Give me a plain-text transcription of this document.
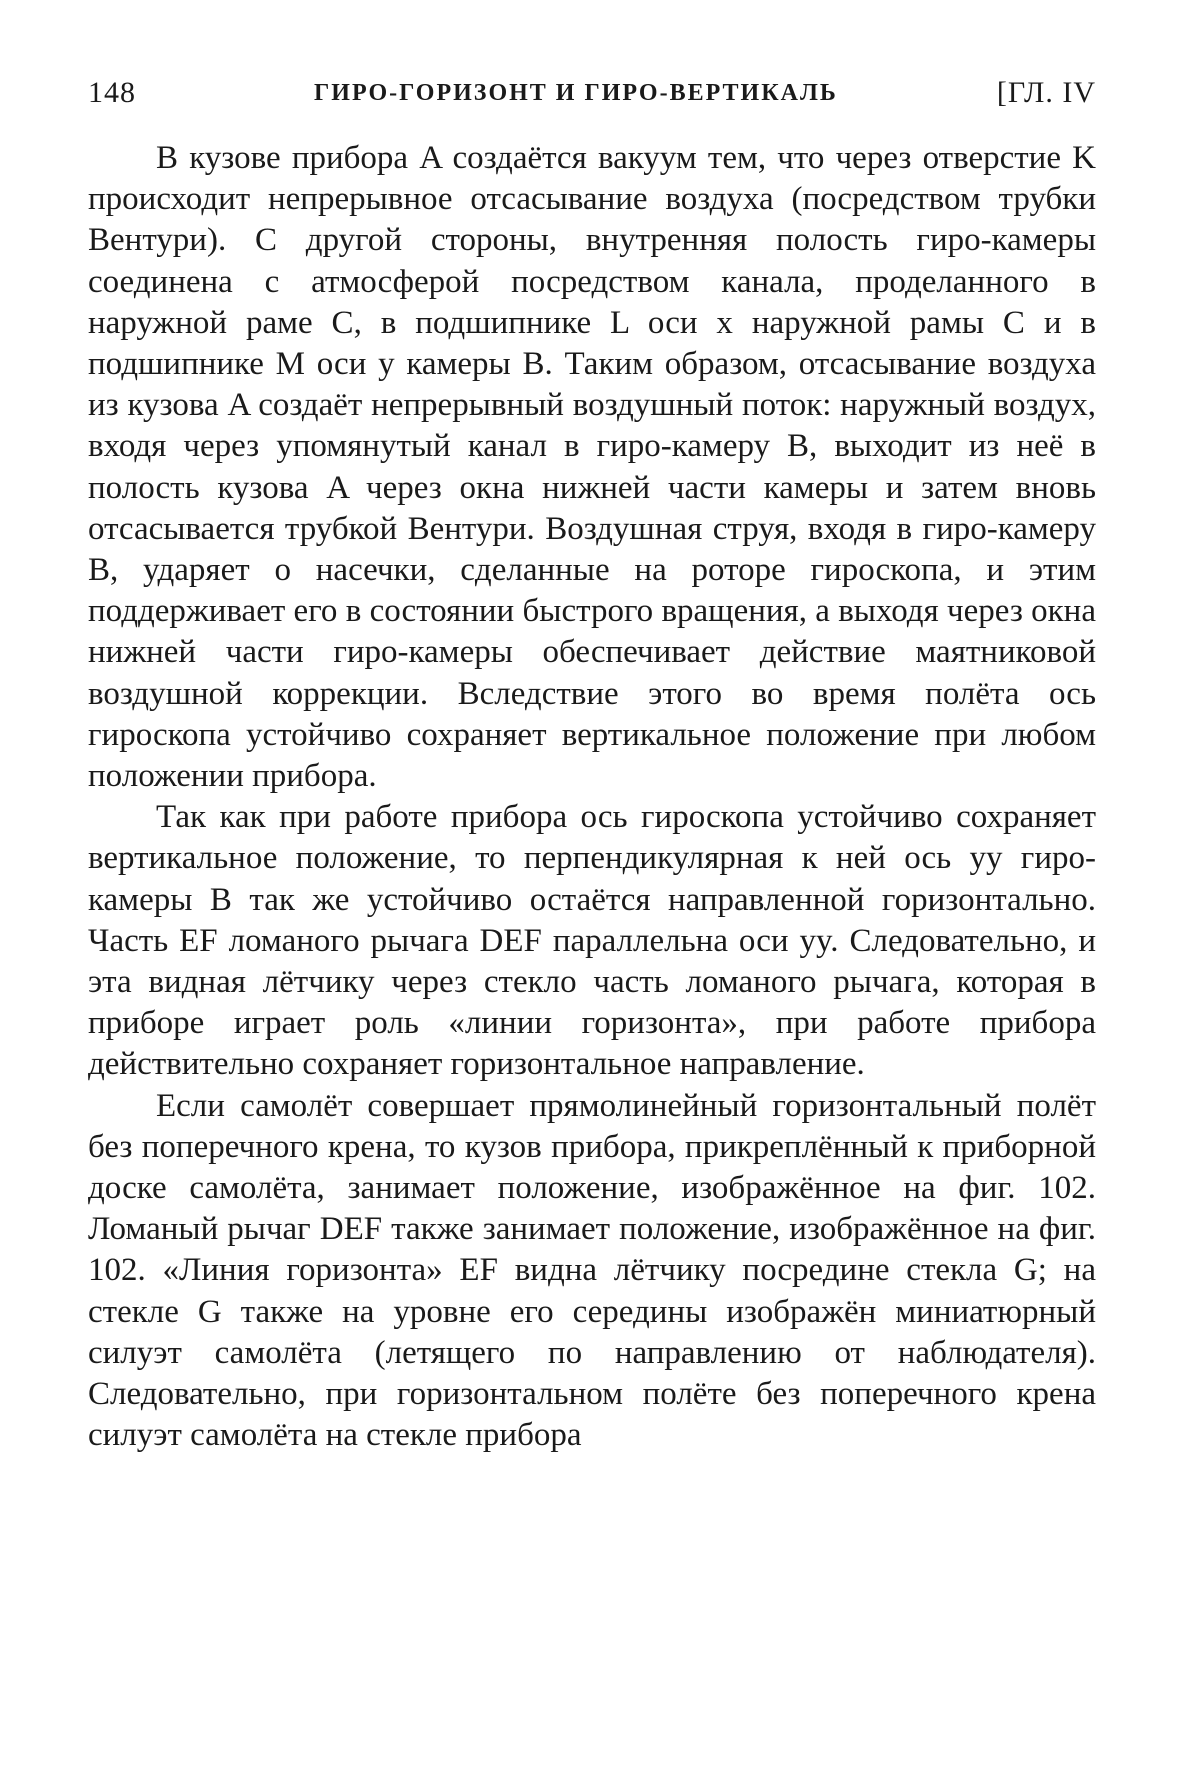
148	ГИРО-ГОРИЗОНТ И ГИРО-ВЕРТИКАЛЬ	[ГЛ. IV

В кузове прибора A создаётся вакуум тем, что через отверстие K происходит непрерывное отсасывание воздуха (посредством трубки Вентури). С другой стороны, внутренняя полость гиро-камеры соединена с атмосферой посредством канала, проделанного в наружной раме C, в подшипнике L оси x наружной рамы C и в подшипнике M оси y камеры B. Таким образом, отсасывание воздуха из кузова A создаёт непрерывный воздушный поток: наружный воздух, входя через упомянутый канал в гиро-камеру B, выходит из неё в полость кузова A через окна нижней части камеры и затем вновь отсасывается трубкой Вентури. Воздушная струя, входя в гиро-камеру B, ударяет о насечки, сделанные на роторе гироскопа, и этим поддерживает его в состоянии быстрого вращения, а выходя через окна нижней части гиро-камеры обеспечивает действие маятниковой воздушной коррекции. Вследствие этого во время полёта ось гироскопа устойчиво сохраняет вертикальное положение при любом положении прибора.

Так как при работе прибора ось гироскопа устойчиво сохраняет вертикальное положение, то перпендикулярная к ней ось yy гиро-камеры B так же устойчиво остаётся направленной горизонтально. Часть EF ломаного рычага DEF параллельна оси yy. Следовательно, и эта видная лётчику через стекло часть ломаного рычага, которая в приборе играет роль «линии горизонта», при работе прибора действительно сохраняет горизонтальное направление.

Если самолёт совершает прямолинейный горизонтальный полёт без поперечного крена, то кузов прибора, прикреплённый к приборной доске самолёта, занимает положение, изображённое на фиг. 102. Ломаный рычаг DEF также занимает положение, изображённое на фиг. 102. «Линия горизонта» EF видна лётчику посредине стекла G; на стекле G также на уровне его середины изображён миниатюрный силуэт самолёта (летящего по направлению от наблюдателя). Следовательно, при горизонтальном полёте без поперечного крена силуэт самолёта на стекле прибора
